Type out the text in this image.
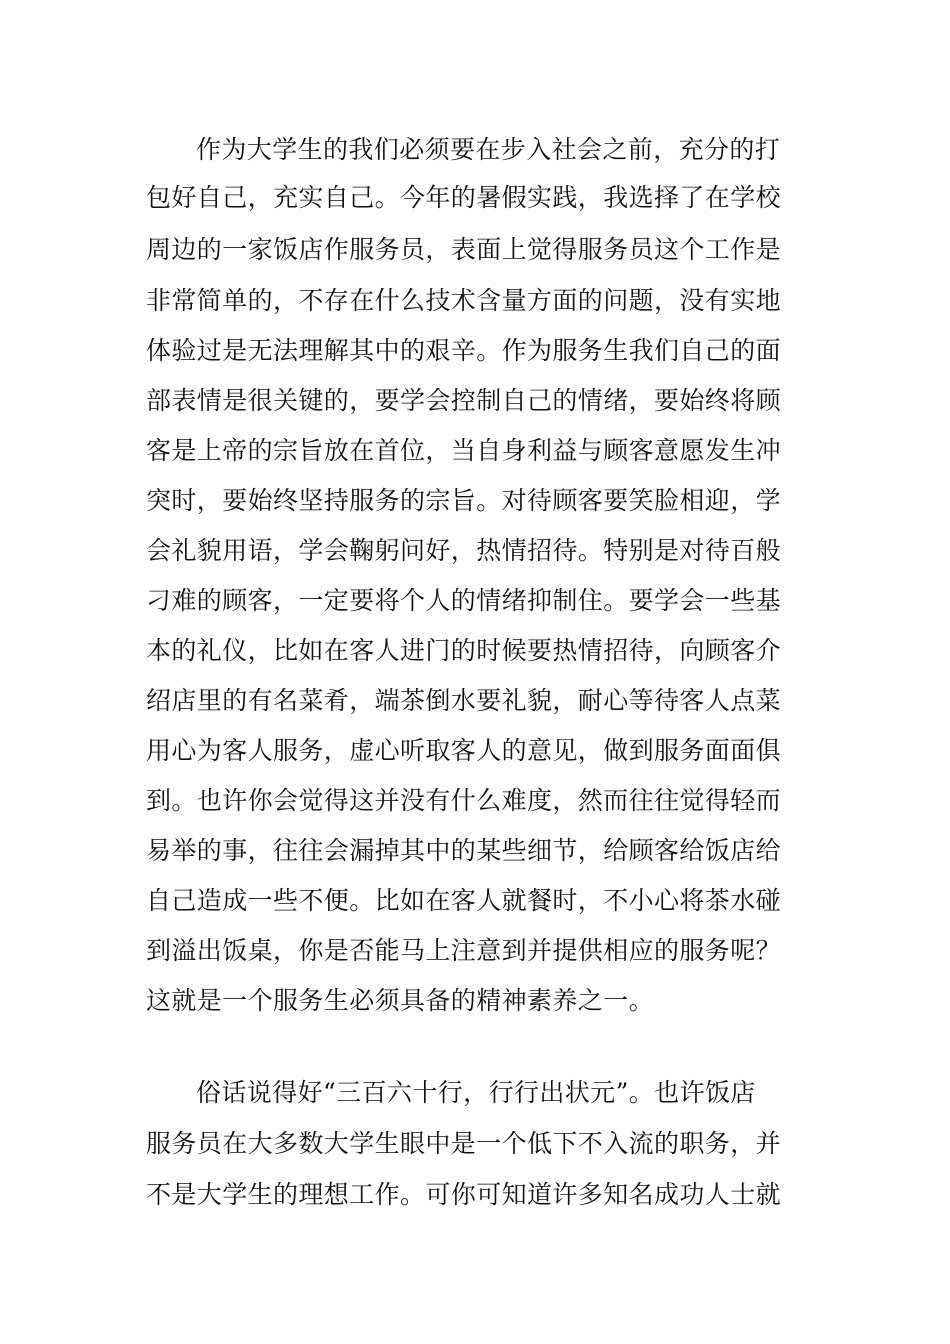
作为大学生的我们必须要在步入社会之前，充分的打
包好自己，充实自己。今年的暑假实践，我选择了在学校
周边的一家饭店作服务员，表面上觉得服务员这个工作是
非常简单的，不存在什么技术含量方面的问题，没有实地
体验过是无法理解其中的艰辛。作为服务生我们自己的面
部表情是很关键的，要学会控制自己的情绪，要始终将顾
客是上帝的宗旨放在首位，当自身利益与顾客意愿发生冲
突时，要始终坚持服务的宗旨。对待顾客要笑脸相迎，学
会礼貌用语，学会鞠躬问好，热情招待。特别是对待百般
刁难的顾客，一定要将个人的情绪抑制住。要学会一些基
本的礼仪，比如在客人进门的时候要热情招待，向顾客介
绍店里的有名菜肴，端茶倒水要礼貌，耐心等待客人点菜
用心为客人服务，虚心听取客人的意见，做到服务面面俱
到。也许你会觉得这并没有什么难度，然而往往觉得轻而
易举的事，往往会漏掉其中的某些细节，给顾客给饭店给
自己造成一些不便。比如在客人就餐时，不小心将茶水碰
到溢出饭桌，你是否能马上注意到并提供相应的服务呢？
这就是一个服务生必须具备的精神素养之一。
俗话说得好“三百六十行，行行出状元”。也许饭店
服务员在大多数大学生眼中是一个低下不入流的职务，并
不是大学生的理想工作。可你可知道许多知名成功人士就
